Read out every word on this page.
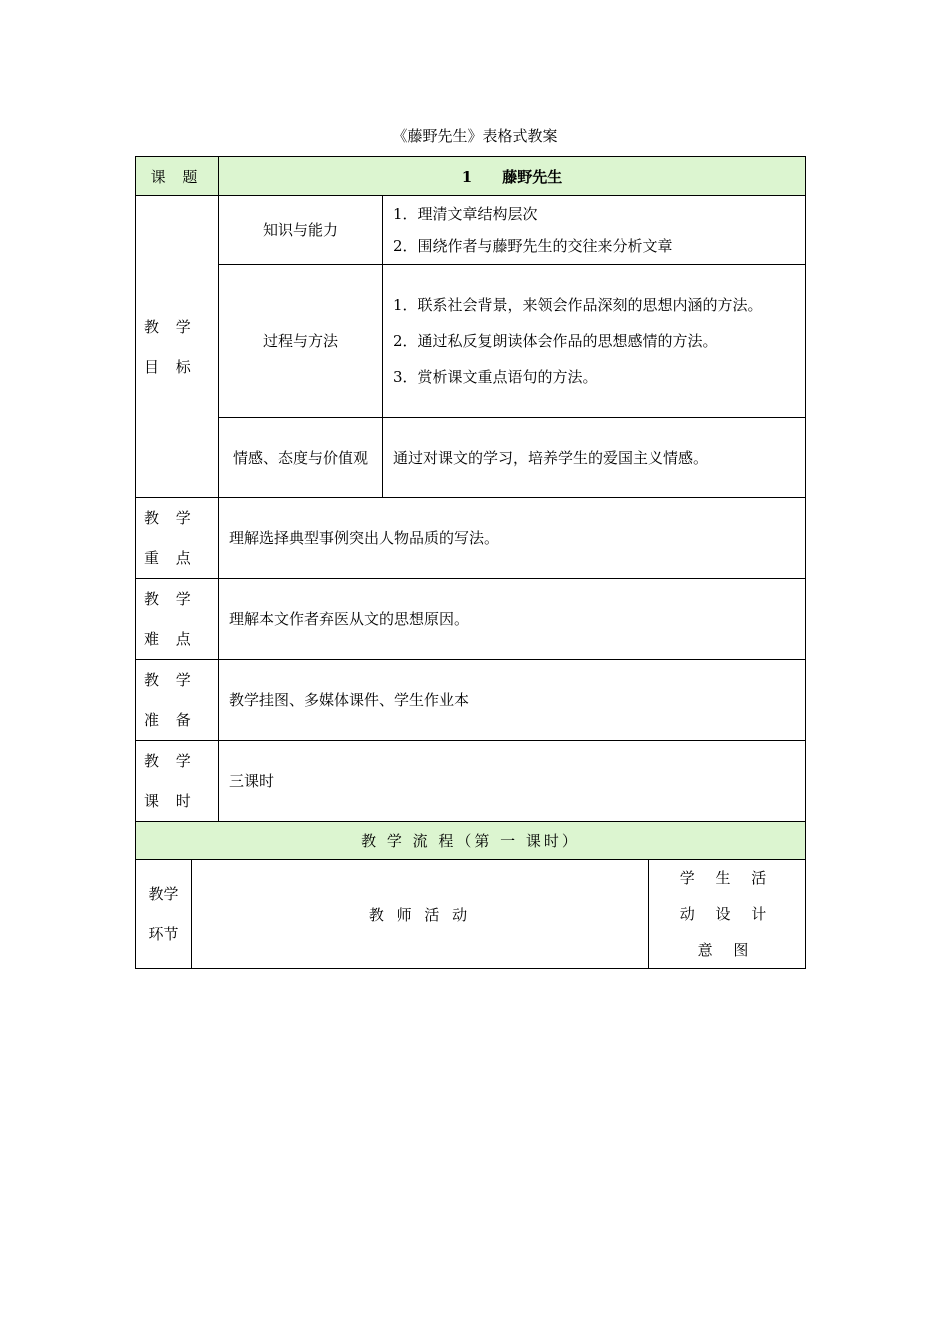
《藤野先生》表格式教案
课 题		1 藤野先生		
教 学 目 标		知识与能力	1．理清文章结构层次
2．围绕作者与藤野先生的交往来分析文章	

		过程与方法	1．联系社会背景，来领会作品深刻的思想内涵的方法。
2．通过私反复朗读体会作品的思想感情的方法。
3．赏析课文重点语句的方法。	

		情感、态度与价值观	通过对课文的学习，培养学生的爱国主义情感。	
教 学 重 点		理解选择典型事例突出人物品质的写法。		
教 学 难 点		理解本文作者弃医从文的思想原因。		
教 学 准 备		教学挂图、多媒体课件、学生作业本		
教 学 课 时		三课时		
教 学 流 程（第 一 课时）				
教学环节	教 师 活 动			学 生 活 动 设 计 意 图
